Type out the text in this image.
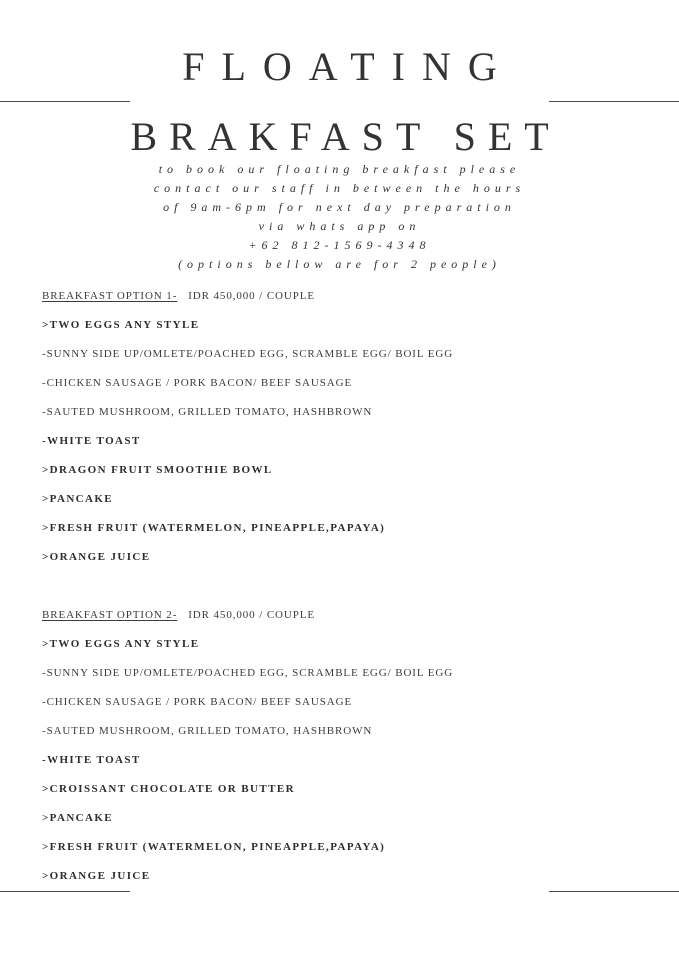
FLOATING
BRAKFAST SET
to book our floating breakfast please
contact our staff in between the hours
of 9am-6pm for next day preparation
via whats app on
+62 812-1569-4348
(options bellow are for 2 people)
BREAKFAST OPTION 1- IDR 450,000 / COUPLE
>TWO EGGS ANY STYLE
-SUNNY SIDE UP/OMLETE/POACHED EGG, SCRAMBLE EGG/ BOIL EGG
-CHICKEN SAUSAGE / PORK BACON/ BEEF SAUSAGE
-SAUTED MUSHROOM, GRILLED TOMATO, HASHBROWN
-WHITE TOAST
>DRAGON FRUIT SMOOTHIE BOWL
>PANCAKE
>FRESH FRUIT (WATERMELON, PINEAPPLE,PAPAYA)
>ORANGE JUICE
BREAKFAST OPTION 2- IDR 450,000 / COUPLE
>TWO EGGS ANY STYLE
-SUNNY SIDE UP/OMLETE/POACHED EGG, SCRAMBLE EGG/ BOIL EGG
-CHICKEN SAUSAGE / PORK BACON/ BEEF SAUSAGE
-SAUTED MUSHROOM, GRILLED TOMATO, HASHBROWN
-WHITE TOAST
>CROISSANT CHOCOLATE OR BUTTER
>PANCAKE
>FRESH FRUIT (WATERMELON, PINEAPPLE,PAPAYA)
>ORANGE JUICE
